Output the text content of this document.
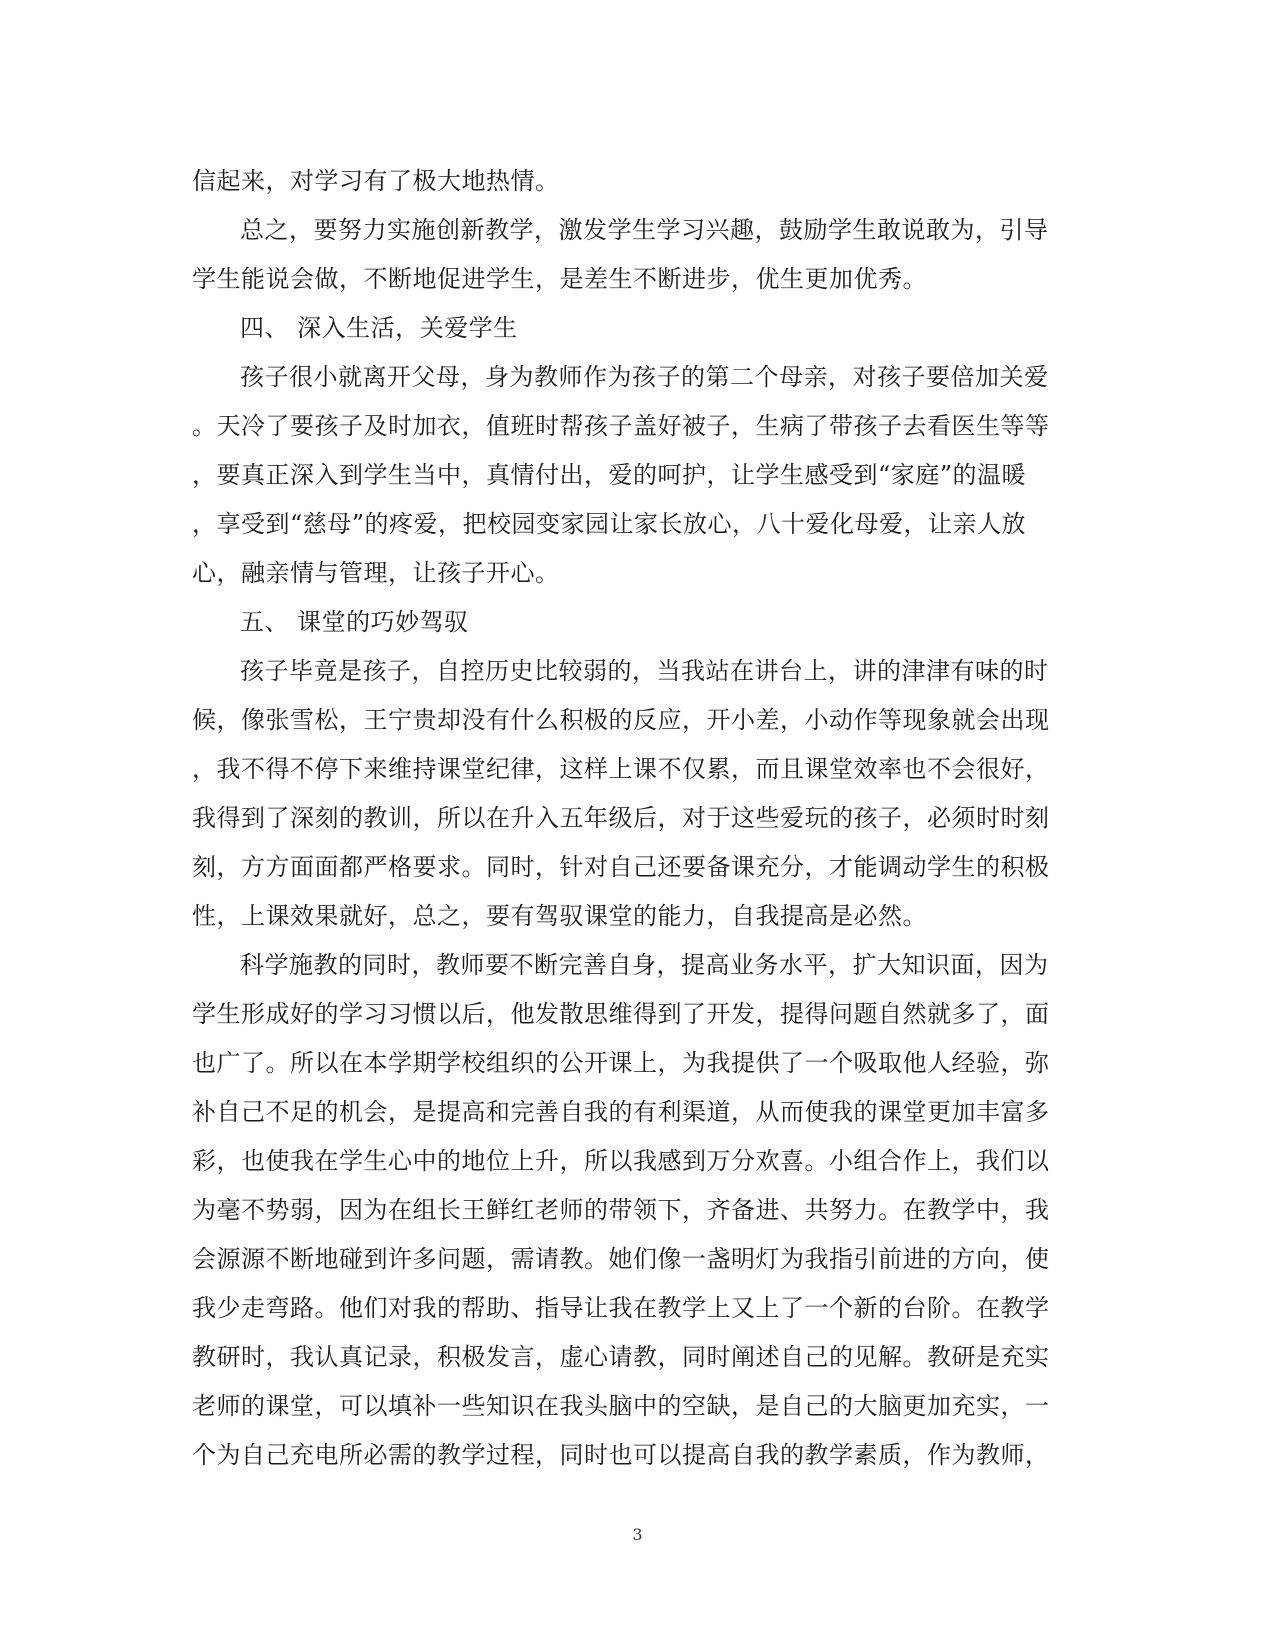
信起来，对学习有了极大地热情。
总之，要努力实施创新教学，激发学生学习兴趣，鼓励学生敢说敢为，引导
学生能说会做，不断地促进学生，是差生不断进步，优生更加优秀。
四、 深入生活，关爱学生
孩子很小就离开父母，身为教师作为孩子的第二个母亲，对孩子要倍加关爱
。天冷了要孩子及时加衣，值班时帮孩子盖好被子，生病了带孩子去看医生等等
，要真正深入到学生当中，真情付出，爱的呵护，让学生感受到“家庭”的温暖
，享受到“慈母”的疼爱，把校园变家园让家长放心，八十爱化母爱，让亲人放
心，融亲情与管理，让孩子开心。
五、 课堂的巧妙驾驭
孩子毕竟是孩子，自控历史比较弱的，当我站在讲台上，讲的津津有味的时
候，像张雪松，王宁贵却没有什么积极的反应，开小差，小动作等现象就会出现
，我不得不停下来维持课堂纪律，这样上课不仅累，而且课堂效率也不会很好，
我得到了深刻的教训，所以在升入五年级后，对于这些爱玩的孩子，必须时时刻
刻，方方面面都严格要求。同时，针对自己还要备课充分，才能调动学生的积极
性，上课效果就好，总之，要有驾驭课堂的能力，自我提高是必然。
科学施教的同时，教师要不断完善自身，提高业务水平，扩大知识面，因为
学生形成好的学习习惯以后，他发散思维得到了开发，提得问题自然就多了，面
也广了。所以在本学期学校组织的公开课上，为我提供了一个吸取他人经验，弥
补自己不足的机会，是提高和完善自我的有利渠道，从而使我的课堂更加丰富多
彩，也使我在学生心中的地位上升，所以我感到万分欢喜。小组合作上，我们以
为毫不势弱，因为在组长王鲜红老师的带领下，齐备进、共努力。在教学中，我
会源源不断地碰到许多问题，需请教。她们像一盏明灯为我指引前进的方向，使
我少走弯路。他们对我的帮助、指导让我在教学上又上了一个新的台阶。在教学
教研时，我认真记录，积极发言，虚心请教，同时阐述自己的见解。教研是充实
老师的课堂，可以填补一些知识在我头脑中的空缺，是自己的大脑更加充实，一
个为自己充电所必需的教学过程，同时也可以提高自我的教学素质，作为教师，
3
